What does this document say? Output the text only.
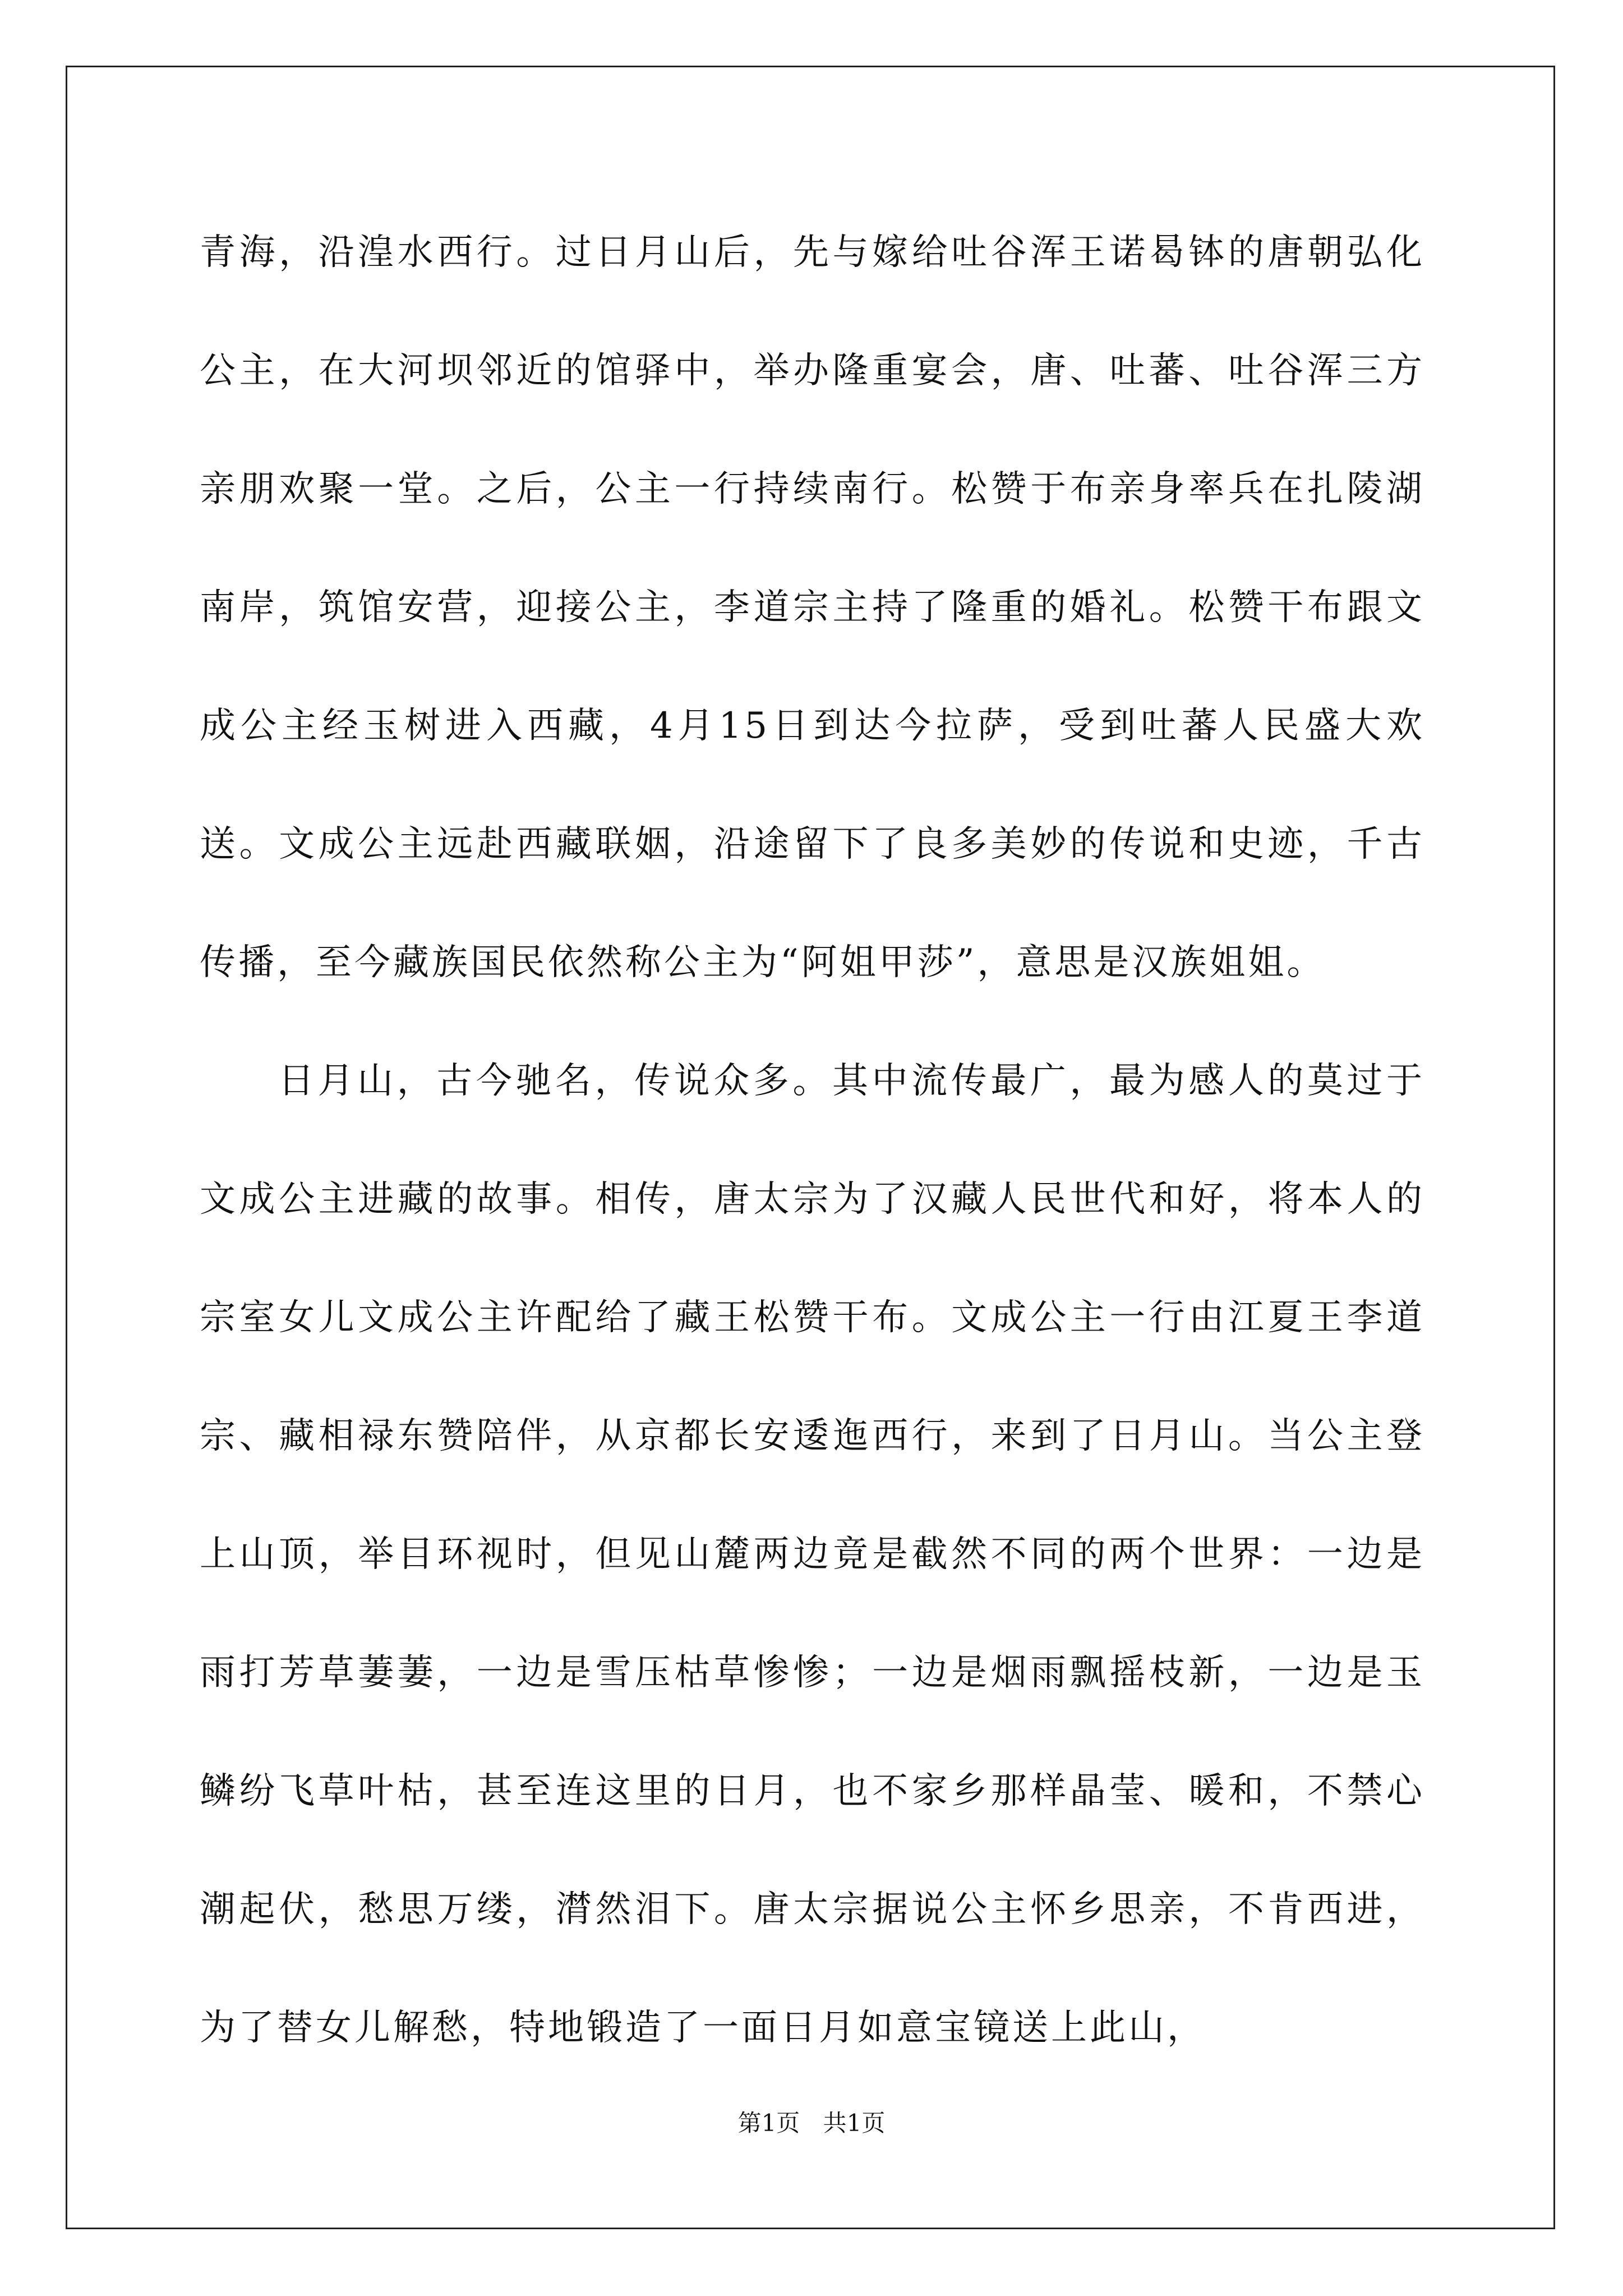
青海，沿湟水西行。过日月山后，先与嫁给吐谷浑王诺曷钵的唐朝弘化公主，在大河坝邻近的馆驿中，举办隆重宴会，唐、吐蕃、吐谷浑三方亲朋欢聚一堂。之后，公主一行持续南行。松赞于布亲身率兵在扎陵湖南岸，筑馆安营，迎接公主，李道宗主持了隆重的婚礼。松赞干布跟文成公主经玉树进入西藏，4月15日到达今拉萨，受到吐蕃人民盛大欢送。文成公主远赴西藏联姻，沿途留下了良多美妙的传说和史迹，千古传播，至今藏族国民依然称公主为“阿姐甲莎”，意思是汉族姐姐。

日月山，古今驰名，传说众多。其中流传最广，最为感人的莫过于文成公主进藏的故事。相传，唐太宗为了汉藏人民世代和好，将本人的宗室女儿文成公主许配给了藏王松赞干布。文成公主一行由江夏王李道宗、藏相禄东赞陪伴，从京都长安逶迤西行，来到了日月山。当公主登上山顶，举目环视时，但见山麓两边竟是截然不同的两个世界：一边是雨打芳草萋萋，一边是雪压枯草惨惨；一边是烟雨飘摇枝新，一边是玉鳞纷飞草叶枯，甚至连这里的日月，也不家乡那样晶莹、暖和，不禁心潮起伏，愁思万缕，潸然泪下。唐太宗据说公主怀乡思亲，不肯西进，为了替女儿解愁，特地锻造了一面日月如意宝镜送上此山，

第1页 共1页
